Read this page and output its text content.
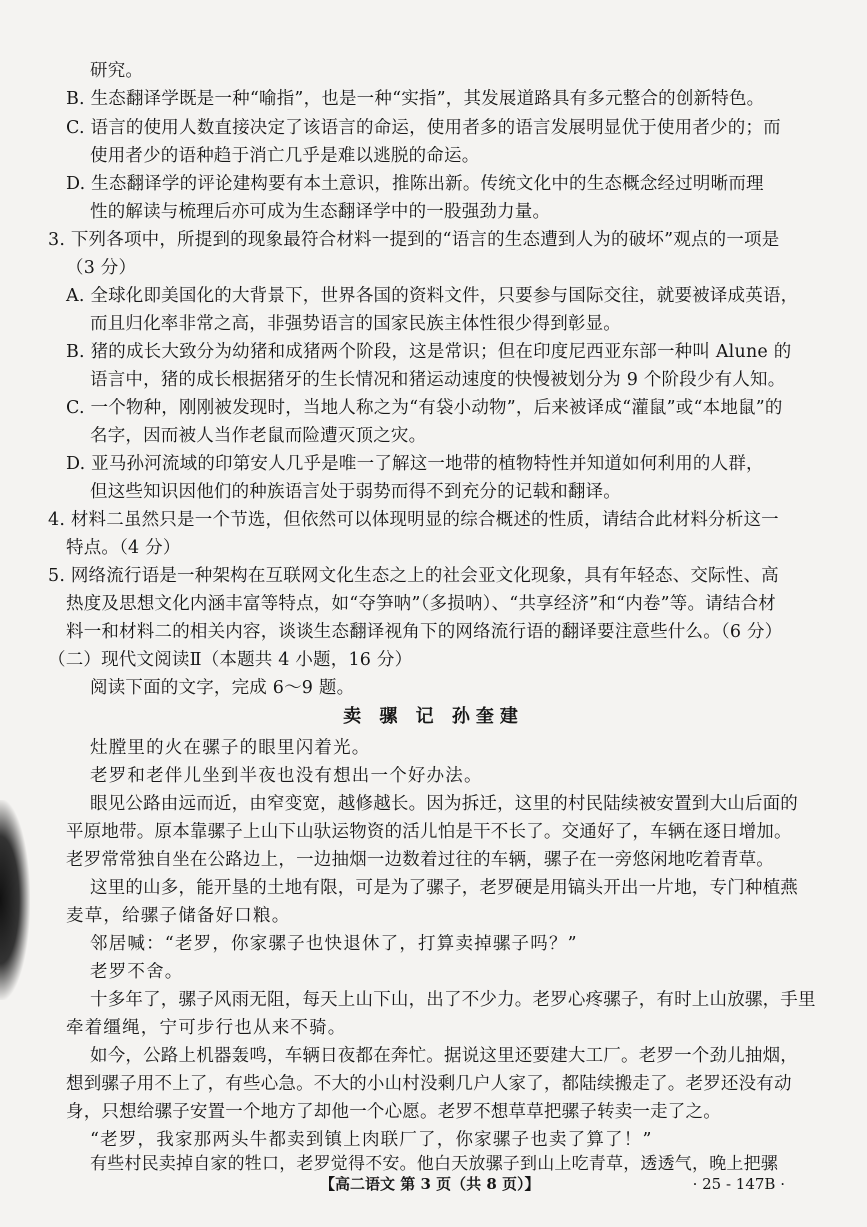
研究。
B. 生态翻译学既是一种“喻指”，也是一种“实指”，其发展道路具有多元整合的创新特色。
C. 语言的使用人数直接决定了该语言的命运，使用者多的语言发展明显优于使用者少的；而
使用者少的语种趋于消亡几乎是难以逃脱的命运。
D. 生态翻译学的评论建构要有本土意识，推陈出新。传统文化中的生态概念经过明晰而理
性的解读与梳理后亦可成为生态翻译学中的一股强劲力量。
3. 下列各项中，所提到的现象最符合材料一提到的“语言的生态遭到人为的破坏”观点的一项是
（3 分）
A. 全球化即美国化的大背景下，世界各国的资料文件，只要参与国际交往，就要被译成英语，
而且归化率非常之高，非强势语言的国家民族主体性很少得到彰显。
B. 猪的成长大致分为幼猪和成猪两个阶段，这是常识；但在印度尼西亚东部一种叫 Alune 的
语言中，猪的成长根据猪牙的生长情况和猪运动速度的快慢被划分为 9 个阶段少有人知。
C. 一个物种，刚刚被发现时，当地人称之为“有袋小动物”，后来被译成“灌鼠”或“本地鼠”的
名字，因而被人当作老鼠而险遭灭顶之灾。
D. 亚马孙河流域的印第安人几乎是唯一了解这一地带的植物特性并知道如何利用的人群，
但这些知识因他们的种族语言处于弱势而得不到充分的记载和翻译。
4. 材料二虽然只是一个节选，但依然可以体现明显的综合概述的性质，请结合此材料分析这一
特点。（4 分）
5. 网络流行语是一种架构在互联网文化生态之上的社会亚文化现象，具有年轻态、交际性、高
热度及思想文化内涵丰富等特点，如“夺笋呐”（多损呐）、“共享经济”和“内卷”等。请结合材
料一和材料二的相关内容，谈谈生态翻译视角下的网络流行语的翻译要注意些什么。（6 分）
（二）现代文阅读Ⅱ（本题共 4 小题，16 分）
阅读下面的文字，完成 6～9 题。
卖 骡 记 孙奎建
灶膛里的火在骡子的眼里闪着光。
老罗和老伴儿坐到半夜也没有想出一个好办法。
眼见公路由远而近，由窄变宽，越修越长。因为拆迁，这里的村民陆续被安置到大山后面的
平原地带。原本靠骡子上山下山驮运物资的活儿怕是干不长了。交通好了，车辆在逐日增加。
老罗常常独自坐在公路边上，一边抽烟一边数着过往的车辆，骡子在一旁悠闲地吃着青草。
这里的山多，能开垦的土地有限，可是为了骡子，老罗硬是用镐头开出一片地，专门种植燕
麦草，给骡子储备好口粮。
邻居喊：“老罗，你家骡子也快退休了，打算卖掉骡子吗？”
老罗不舍。
十多年了，骡子风雨无阻，每天上山下山，出了不少力。老罗心疼骡子，有时上山放骡，手里
牵着缰绳，宁可步行也从来不骑。
如今，公路上机器轰鸣，车辆日夜都在奔忙。据说这里还要建大工厂。老罗一个劲儿抽烟，
想到骡子用不上了，有些心急。不大的小山村没剩几户人家了，都陆续搬走了。老罗还没有动
身，只想给骡子安置一个地方了却他一个心愿。老罗不想草草把骡子转卖一走了之。
“老罗，我家那两头牛都卖到镇上肉联厂了，你家骡子也卖了算了！”
有些村民卖掉自家的牲口，老罗觉得不安。他白天放骡子到山上吃青草，透透气，晚上把骡
【高二语文 第 3 页（共 8 页）】	· 25 - 147B ·
